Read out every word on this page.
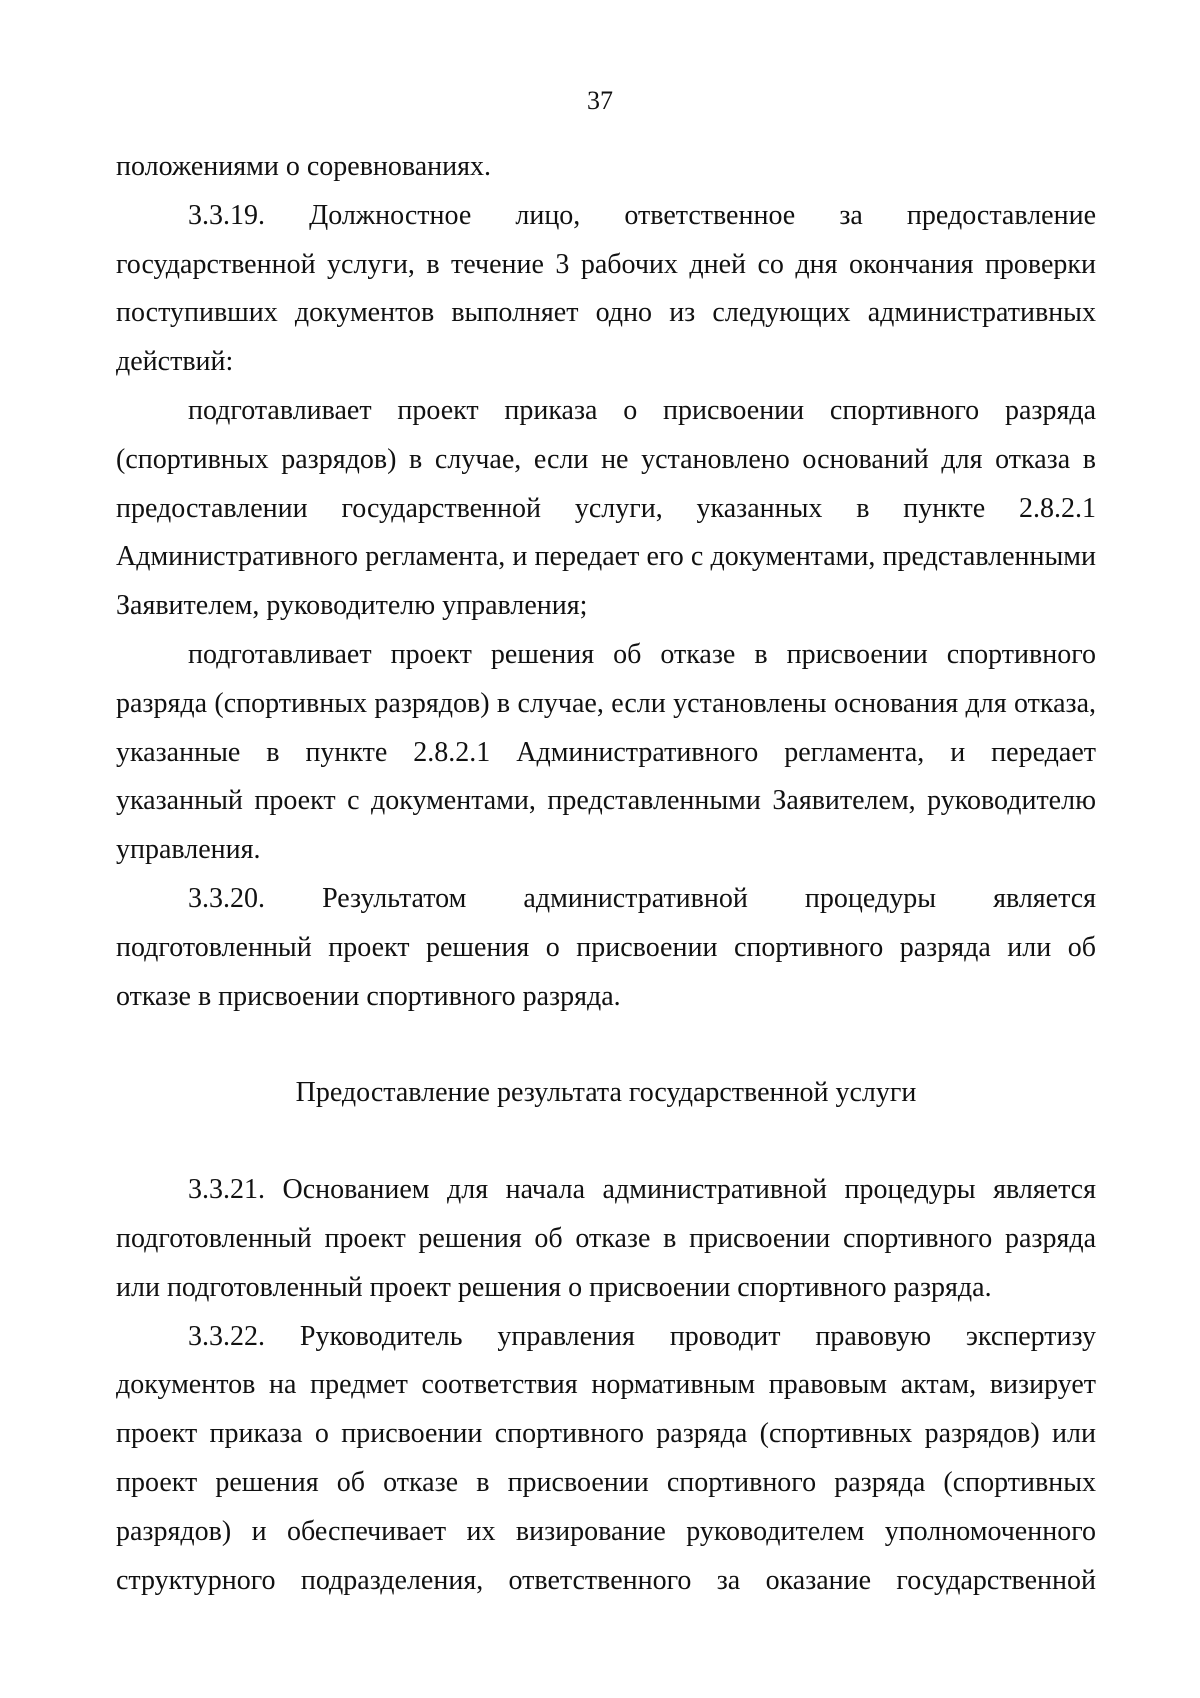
37

положениями о соревнованиях.

3.3.19. Должностное лицо, ответственное за предоставление государственной услуги, в течение 3 рабочих дней со дня окончания проверки поступивших документов выполняет одно из следующих административных действий:

подготавливает проект приказа о присвоении спортивного разряда (спортивных разрядов) в случае, если не установлено оснований для отказа в предоставлении государственной услуги, указанных в пункте 2.8.2.1 Административного регламента, и передает его с документами, представленными Заявителем, руководителю управления;

подготавливает проект решения об отказе в присвоении спортивного разряда (спортивных разрядов) в случае, если установлены основания для отказа, указанные в пункте 2.8.2.1 Административного регламента, и передает указанный проект с документами, представленными Заявителем, руководителю управления.

3.3.20. Результатом административной процедуры является подготовленный проект решения о присвоении спортивного разряда или об отказе в присвоении спортивного разряда.

Предоставление результата государственной услуги

3.3.21. Основанием для начала административной процедуры является подготовленный проект решения об отказе в присвоении спортивного разряда или подготовленный проект решения о присвоении спортивного разряда.

3.3.22. Руководитель управления проводит правовую экспертизу документов на предмет соответствия нормативным правовым актам, визирует проект приказа о присвоении спортивного разряда (спортивных разрядов) или проект решения об отказе в присвоении спортивного разряда (спортивных разрядов) и обеспечивает их визирование руководителем уполномоченного структурного подразделения, ответственного за оказание государственной
